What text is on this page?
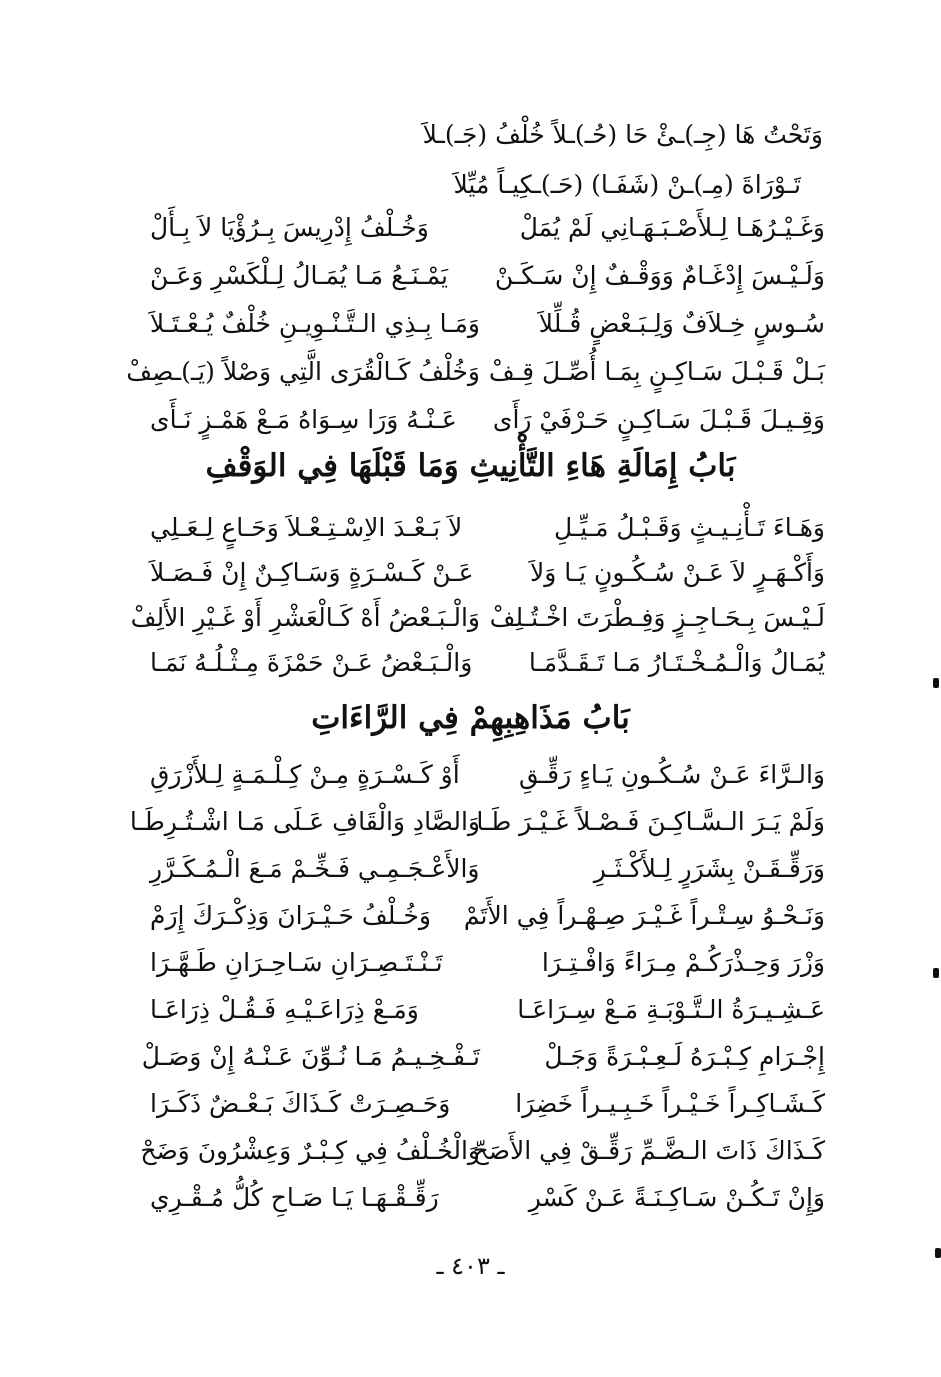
وَتَحْتُ هَا (جِـ)ـئْ حَا (حُـ)ـلاً خُلْفُ (جَـ)ـلاَ
تَـوْرَاةَ (مِـ)ـنْ (شَفَـا) (حَـ)ـكِيـاً مُيِّلاَ
وَغَـيْـرُهَـا لِـلأَصْـبَـهَـانِي لَمْ يُمَلْ
وَخُـلْفُ إِدْرِيسَ بِـرُؤْيَا لاَ بِـأَلْ
وَلَـيْـسَ إِدْغَـامٌ وَوَقْـفٌ إِنْ سَـكَـنْ
يَمْـنَـعُ مَـا يُمَـالُ لِـلْكَسْرِ وَعَـنْ
سُـوسٍ خِـلاَفٌ وَلِـبَـعْضٍ قُـلِّلاَ
وَمَـا بِـذِي الـتَّـنْـوِيـنِ خُلْفٌ يُـعْـتَـلاَ
بَـلْ قَـبْـلَ سَـاكِـنٍ بِمَـا أُصِّـلَ قِـفْ
وَخُلْفُ كَـالْقُرَى الَّتِي وَصْلاً (يَـ)ـصِفْ
وَقِـيـلَ قَـبْـلَ سَـاكِـنٍ حَـرْفَيْ رَأَى
عَـنْـهُ وَرَا سِـوَاهُ مَـعْ هَمْـزٍ نَـأَى
بَابُ إِمَالَةِ هَاءِ التَّأْنِيثِ وَمَا قَبْلَهَا فِي الوَقْفِ
وَهَـاءَ تَـأْنِـيـثٍ وَقَـبْـلُ مَـيِّـلِ
لاَ بَـعْـدَ الاِسْـتِـعْـلاَ وَحَـاعٍ لِـعَـلِي
وَأَكْـهَـرٍ لاَ عَـنْ سُـكُـونٍ يَـا وَلاَ
عَـنْ كَـسْـرَةٍ وَسَـاكِـنٌ إِنْ فَـصَـلاَ
لَـيْـسَ بِـحَـاجِـزٍ وَفِـطْرَتَ اخْـتُـلِفْ
وَالْـبَـعْضُ أَهْ كَـالْعَشْرِ أَوْ غَـيْرِ الأَلِفْ
يُمَـالُ وَالْـمُـخْـتَـارُ مَـا تَـقَـدَّمَـا
وَالْـبَـعْضُ عَـنْ حَمْزَةَ مِـثْـلُـهُ نَمَـا
بَابُ مَذَاهِبِهِمْ فِي الرَّاءَاتِ
وَالـرَّاءَ عَـنْ سُـكُـونِ يَـاءٍ رَقِّـقِ
أَوْ كَـسْـرَةٍ مِـنْ كِـلْـمَـةٍ لِـلأَزْرَقِ
وَلَمْ يَـرَ الـسَّـاكِـنَ فَـصْـلاً غَـيْـرَ طَـا
وَالصَّادِ وَالْقَافِ عَـلَى مَـا اشْـتُـرِطَـا
وَرَقِّـقَـنْ بِشَرَرٍ لِـلأَكْـثَـرِ
وَالأَعْـجَـمِـي فَـخِّـمْ مَـعَ الْـمُـكَـرَّرِ
وَنَـحْـوُ سِـتْـراً غَـيْـرَ صِـهْـراً فِي الأَتَمْ
وَخُـلْفُ حَـيْـرَانَ وَذِكْـرَكَ إِرَمْ
وَزْرَ وَحِـذْرَكُـمْ مِـرَاءً وَافْـتِـرَا
تَـنْـتَـصِـرَانِ سَـاحِـرَانِ طَـهَّـرَا
عَـشِـيـرَةُ الـتَّـوْبَـةِ مَـعْ سِـرَاعَـا
وَمَـعْ ذِرَاعَـيْـهِ فَـقُـلْ ذِرَاعَـا
إِجْـرَامِ كِـبْـرَهُ لَـعِـبْـرَةً وَجَـلْ
تَـفْـخِـيـمُ مَـا نُـوِّنَ عَـنْـهُ إِنْ وَصَـلْ
كَـشَـاكِـراً خَـيْـراً خَـبِـيـراً خَضِرَا
وَحَـصِـرَتْ كَـذَاكَ بَـعْـضٌ ذَكَـرَا
كَـذَاكَ ذَاتَ الـضَّـمِّ رَقِّـقْ فِي الأَصَحّ
وَالْخُـلْفُ فِي كِـبْـرٌ وَعِشْرُونَ وَضَحْ
وَإِنْ تَـكُـنْ سَـاكِـنَـةً عَـنْ كَسْرِ
رَقِّـقْـهَـا يَـا صَـاحِ كُلُّ مُـقْـرِي
ـ ٤٠٣ ـ
